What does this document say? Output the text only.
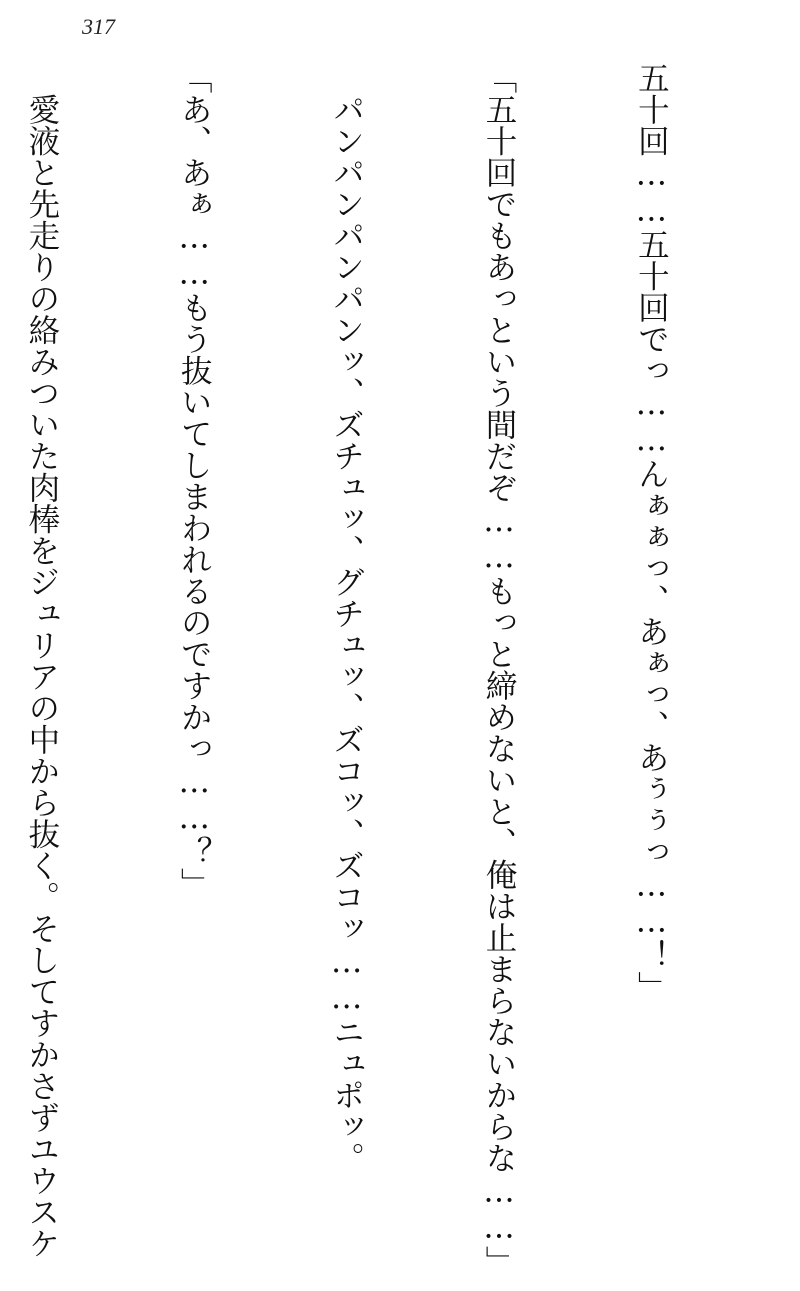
317

五十回……五十回でっ……んぁぁっ、あぁっ、あぅぅっ……！」

「五十回でもあっという間だぞ……もっと締めないと、俺は止まらないからな……」

　パンパンパンパンッ、ズチュッ、グチュッ、ズコッ、ズコッ……ニュポッ。

「あ、あぁ……もう抜いてしまわれるのですかっ……？」

　愛液と先走りの絡みついた肉棒をジュリアの中から抜く。そしてすかさずユウスケ
